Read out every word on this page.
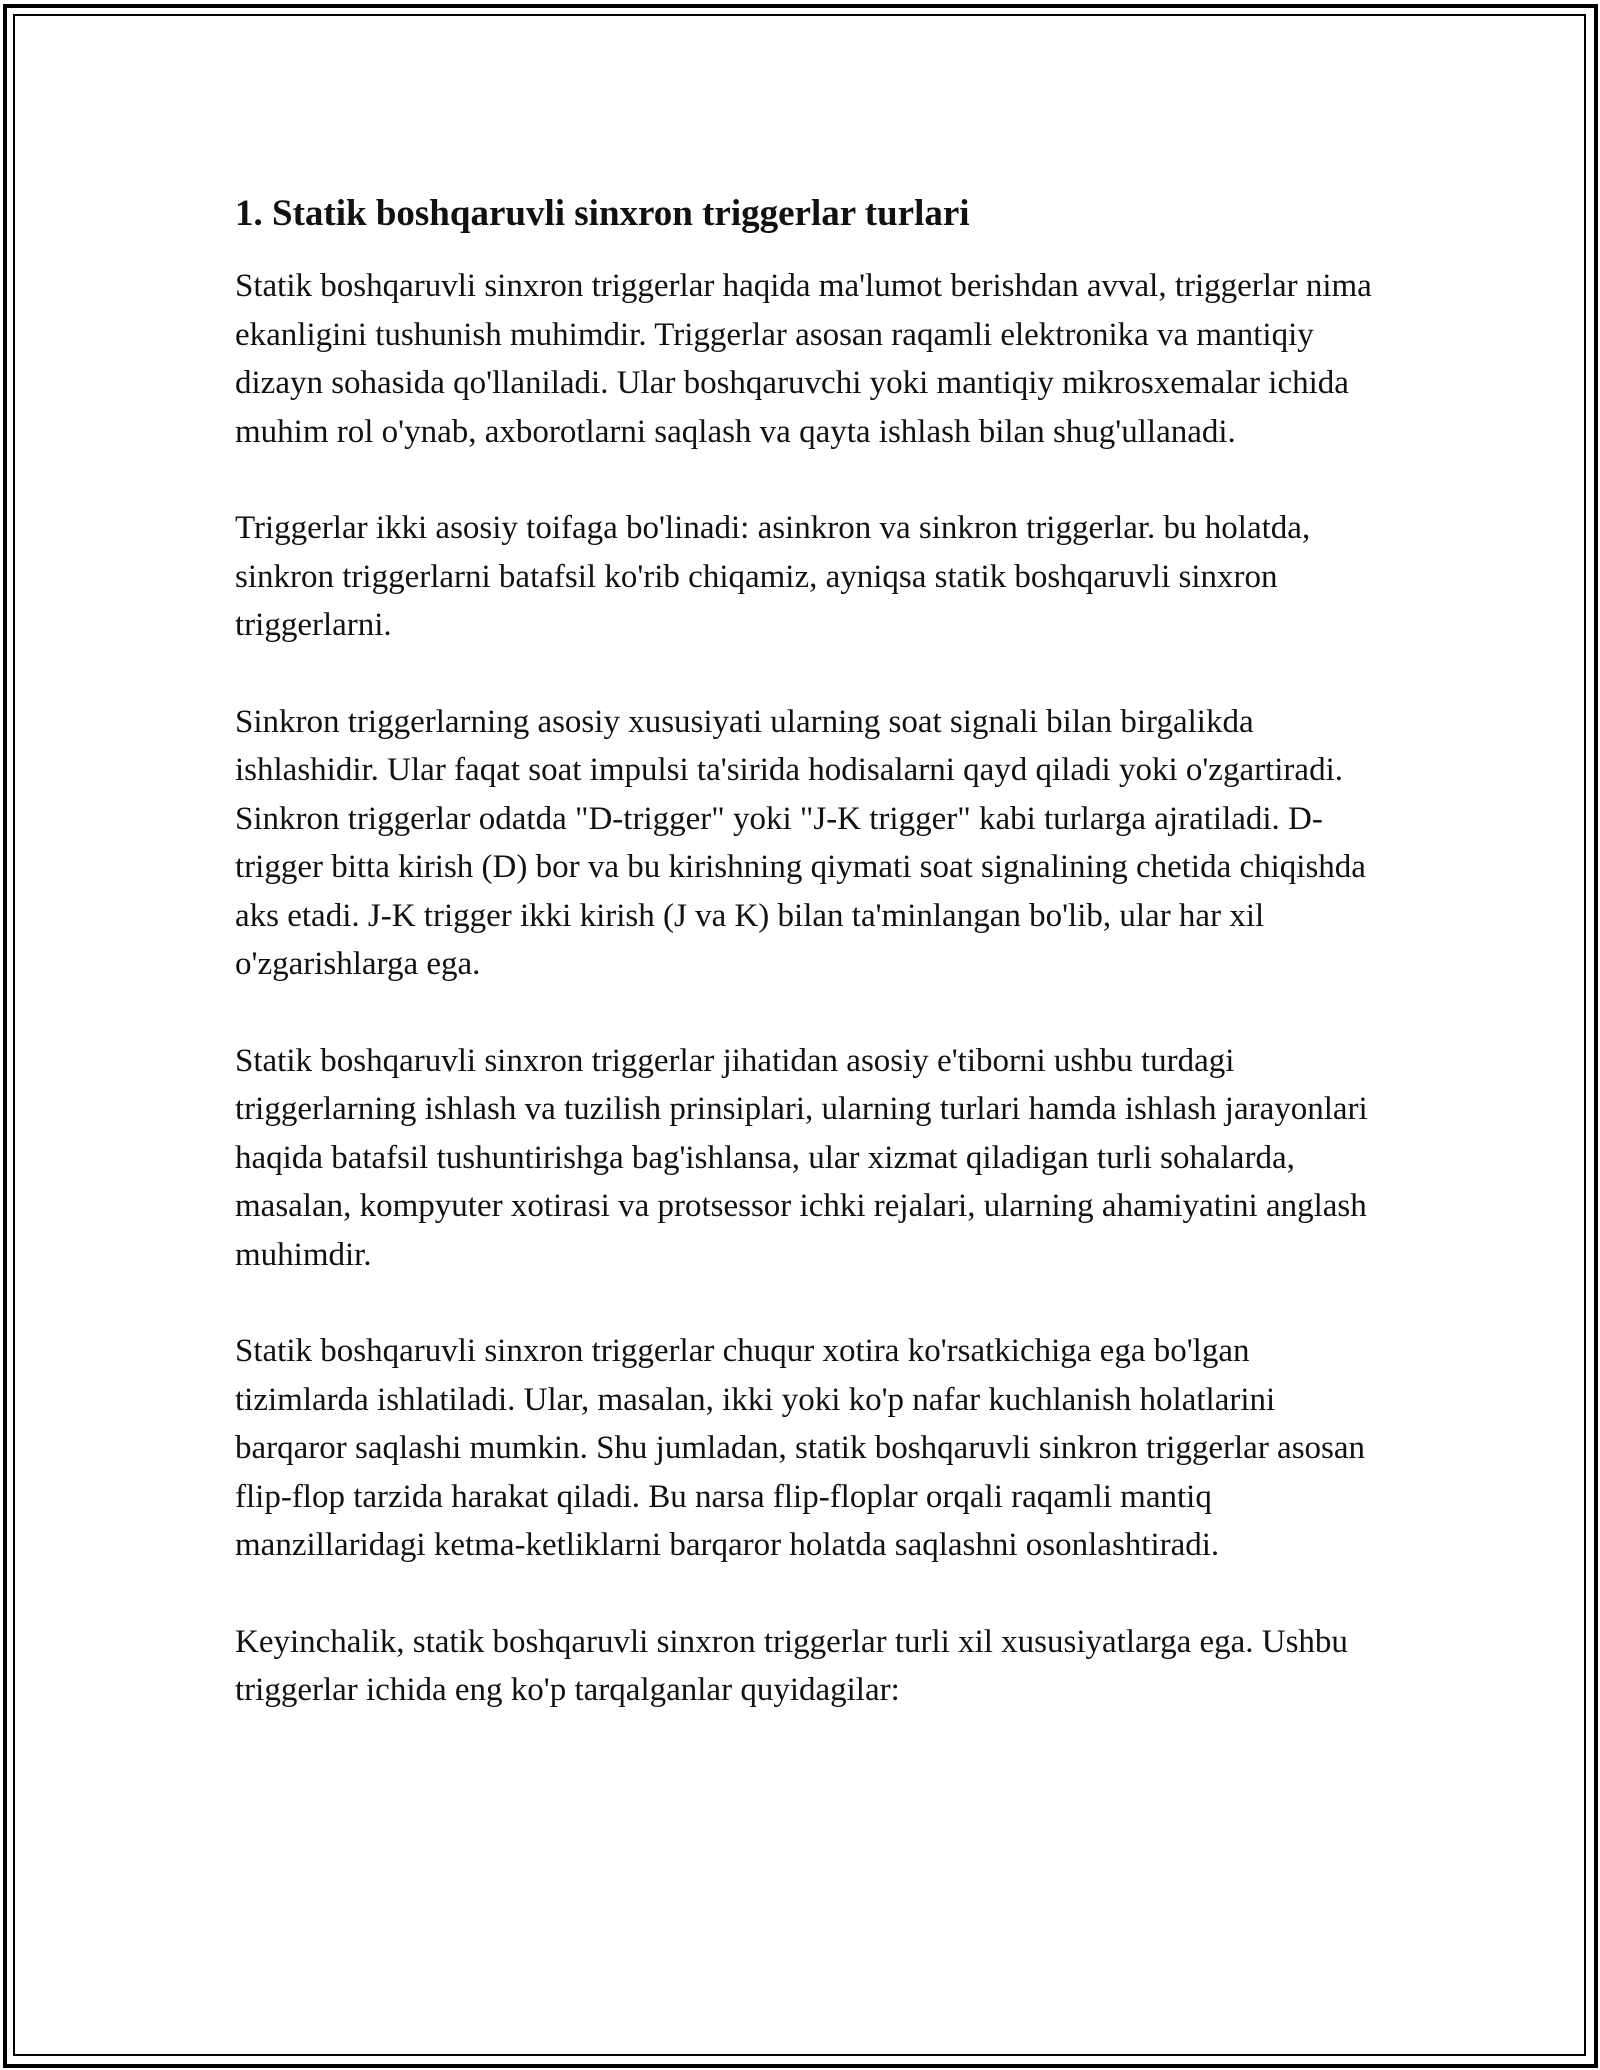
1. Statik boshqaruvli sinxron triggerlar turlari

Statik boshqaruvli sinxron triggerlar haqida ma'lumot berishdan avval, triggerlar nima ekanligini tushunish muhimdir. Triggerlar asosan raqamli elektronika va mantiqiy dizayn sohasida qo'llaniladi. Ular boshqaruvchi yoki mantiqiy mikrosxemalar ichida muhim rol o'ynab, axborotlarni saqlash va qayta ishlash bilan shug'ullanadi.

Triggerlar ikki asosiy toifaga bo'linadi: asinkron va sinkron triggerlar. bu holatda, sinkron triggerlarni batafsil ko'rib chiqamiz, ayniqsa statik boshqaruvli sinxron triggerlarni.

Sinkron triggerlarning asosiy xususiyati ularning soat signali bilan birgalikda ishlashidir. Ular faqat soat impulsi ta'sirida hodisalarni qayd qiladi yoki o'zgartiradi. Sinkron triggerlar odatda "D-trigger" yoki "J-K trigger" kabi turlarga ajratiladi. D-trigger bitta kirish (D) bor va bu kirishning qiymati soat signalining chetida chiqishda aks etadi. J-K trigger ikki kirish (J va K) bilan ta'minlangan bo'lib, ular har xil o'zgarishlarga ega.

Statik boshqaruvli sinxron triggerlar jihatidan asosiy e'tiborni ushbu turdagi triggerlarning ishlash va tuzilish prinsiplari, ularning turlari hamda ishlash jarayonlari haqida batafsil tushuntirishga bag'ishlansa, ular xizmat qiladigan turli sohalarda, masalan, kompyuter xotirasi va protsessor ichki rejalari, ularning ahamiyatini anglash muhimdir.

Statik boshqaruvli sinxron triggerlar chuqur xotira ko'rsatkichiga ega bo'lgan tizimlarda ishlatiladi. Ular, masalan, ikki yoki ko'p nafar kuchlanish holatlarini barqaror saqlashi mumkin. Shu jumladan, statik boshqaruvli sinkron triggerlar asosan flip-flop tarzida harakat qiladi. Bu narsa flip-floplar orqali raqamli mantiq manzillaridagi ketma-ketliklarni barqaror holatda saqlashni osonlashtiradi.

Keyinchalik, statik boshqaruvli sinxron triggerlar turli xil xususiyatlarga ega. Ushbu triggerlar ichida eng ko'p tarqalganlar quyidagilar:
